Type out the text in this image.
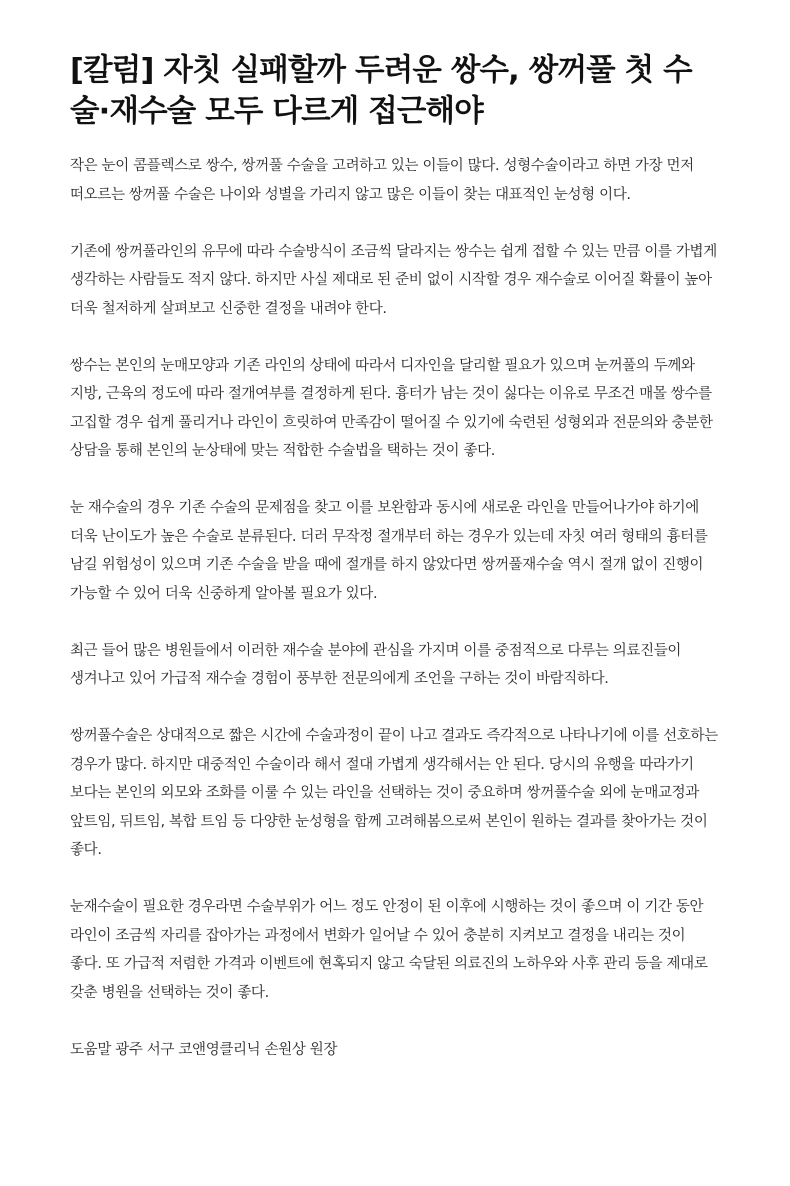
[칼럼] 자칫 실패할까 두려운 쌍수, 쌍꺼풀 첫 수술·재수술 모두 다르게 접근해야

작은 눈이 콤플렉스로 쌍수, 쌍꺼풀 수술을 고려하고 있는 이들이 많다. 성형수술이라고 하면 가장 먼저 떠오르는 쌍꺼풀 수술은 나이와 성별을 가리지 않고 많은 이들이 찾는 대표적인 눈성형 이다.

기존에 쌍꺼풀라인의 유무에 따라 수술방식이 조금씩 달라지는 쌍수는 쉽게 접할 수 있는 만큼 이를 가볍게 생각하는 사람들도 적지 않다. 하지만 사실 제대로 된 준비 없이 시작할 경우 재수술로 이어질 확률이 높아 더욱 철저하게 살펴보고 신중한 결정을 내려야 한다.

쌍수는 본인의 눈매모양과 기존 라인의 상태에 따라서 디자인을 달리할 필요가 있으며 눈꺼풀의 두께와 지방, 근육의 정도에 따라 절개여부를 결정하게 된다. 흉터가 남는 것이 싫다는 이유로 무조건 매몰 쌍수를 고집할 경우 쉽게 풀리거나 라인이 흐릿하여 만족감이 떨어질 수 있기에 숙련된 성형외과 전문의와 충분한 상담을 통해 본인의 눈상태에 맞는 적합한 수술법을 택하는 것이 좋다.

눈 재수술의 경우 기존 수술의 문제점을 찾고 이를 보완함과 동시에 새로운 라인을 만들어나가야 하기에 더욱 난이도가 높은 수술로 분류된다. 더러 무작정 절개부터 하는 경우가 있는데 자칫 여러 형태의 흉터를 남길 위험성이 있으며 기존 수술을 받을 때에 절개를 하지 않았다면 쌍꺼풀재수술 역시 절개 없이 진행이 가능할 수 있어 더욱 신중하게 알아볼 필요가 있다.

최근 들어 많은 병원들에서 이러한 재수술 분야에 관심을 가지며 이를 중점적으로 다루는 의료진들이 생겨나고 있어 가급적 재수술 경험이 풍부한 전문의에게 조언을 구하는 것이 바람직하다.

쌍꺼풀수술은 상대적으로 짧은 시간에 수술과정이 끝이 나고 결과도 즉각적으로 나타나기에 이를 선호하는 경우가 많다. 하지만 대중적인 수술이라 해서 절대 가볍게 생각해서는 안 된다. 당시의 유행을 따라가기 보다는 본인의 외모와 조화를 이룰 수 있는 라인을 선택하는 것이 중요하며 쌍꺼풀수술 외에 눈매교정과 앞트임, 뒤트임, 복합 트임 등 다양한 눈성형을 함께 고려해봄으로써 본인이 원하는 결과를 찾아가는 것이 좋다.

눈재수술이 필요한 경우라면 수술부위가 어느 정도 안정이 된 이후에 시행하는 것이 좋으며 이 기간 동안 라인이 조금씩 자리를 잡아가는 과정에서 변화가 일어날 수 있어 충분히 지켜보고 결정을 내리는 것이 좋다. 또 가급적 저렴한 가격과 이벤트에 현혹되지 않고 숙달된 의료진의 노하우와 사후 관리 등을 제대로 갖춘 병원을 선택하는 것이 좋다.

도움말 광주 서구 코앤영클리닉 손원상 원장
